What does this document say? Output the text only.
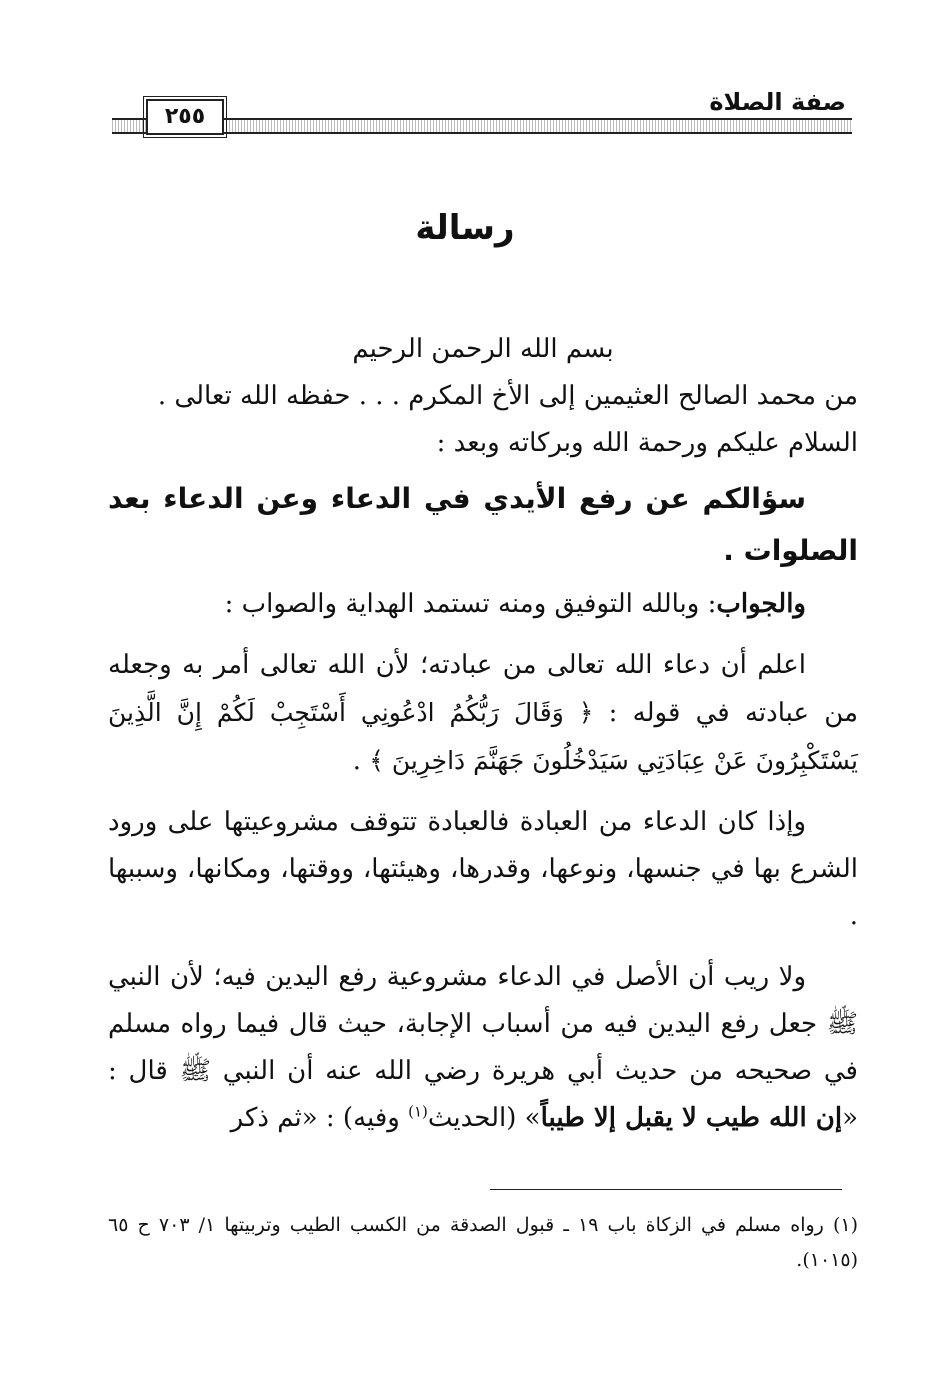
صفة الصلاة
٢٥٥
رسالة

بسم الله الرحمن الرحيم

من محمد الصالح العثيمين إلى الأخ المكرم . . . حفظه الله تعالى .

السلام عليكم ورحمة الله وبركاته وبعد :

سؤالكم عن رفع الأيدي في الدعاء وعن الدعاء بعد الصلوات .

والجواب: وبالله التوفيق ومنه تستمد الهداية والصواب :

اعلم أن دعاء الله تعالى من عبادته؛ لأن الله تعالى أمر به وجعله من عبادته في قوله : ﴿ وَقَالَ رَبُّكُمُ ادْعُونِي أَسْتَجِبْ لَكُمْ إِنَّ الَّذِينَ يَسْتَكْبِرُونَ عَنْ عِبَادَتِي سَيَدْخُلُونَ جَهَنَّمَ دَاخِرِينَ ﴾ .

وإذا كان الدعاء من العبادة فالعبادة تتوقف مشروعيتها على ورود الشرع بها في جنسها، ونوعها، وقدرها، وهيئتها، ووقتها، ومكانها، وسببها .

ولا ريب أن الأصل في الدعاء مشروعية رفع اليدين فيه؛ لأن النبي ﷺ جعل رفع اليدين فيه من أسباب الإجابة، حيث قال فيما رواه مسلم في صحيحه من حديث أبي هريرة رضي الله عنه أن النبي ﷺ قال : «إن الله طيب لا يقبل إلا طيباً» (الحديث$^{(١)}$ وفيه) : «ثم ذكر

(١) رواه مسلم في الزكاة باب ١٩ ـ قبول الصدقة من الكسب الطيب وتربيتها ١/ ٧٠٣ ح ٦٥ (١٠١٥).
